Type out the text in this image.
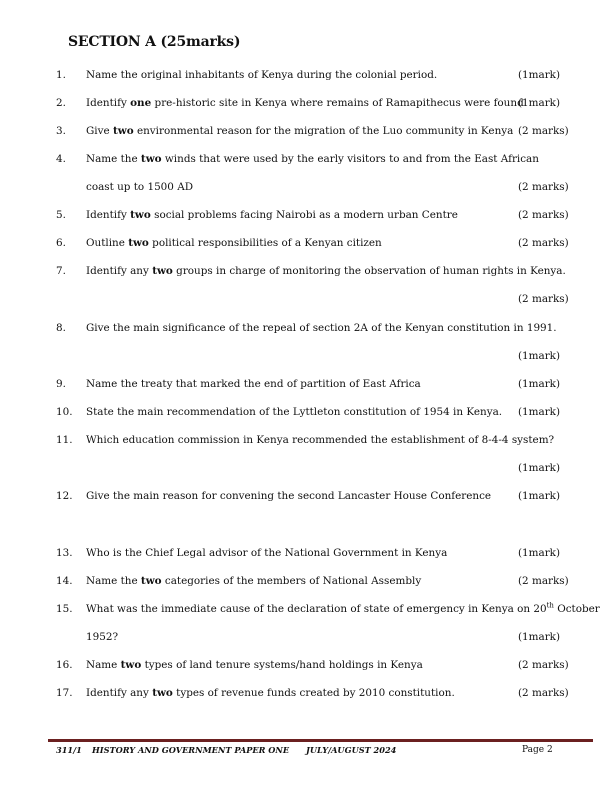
SECTION A (25marks)
1. Name the original inhabitants of Kenya during the colonial period.	(1mark)
2. Identify one pre-historic site in Kenya where remains of Ramapithecus were found
(1mark)
3. Give two environmental reason for the migration of the Luo community in Kenya (2 marks)
4. Name the two winds that were used by the early visitors to and from the East African
coast up to 1500 AD	(2 marks)
5. Identify two social problems facing Nairobi as a modern urban Centre	(2 marks)
6. Outline two political responsibilities of a Kenyan citizen	(2 marks)
7. Identify any two groups in charge of monitoring the observation of human rights in Kenya.
(2 marks)
8. Give the main significance of the repeal of section 2A of the Kenyan constitution in 1991.
(1mark)
9. Name the treaty that marked the end of partition of East Africa	(1mark)
10. State the main recommendation of the Lyttleton constitution of 1954 in Kenya. (1mark)
11. Which education commission in Kenya recommended the establishment of 8-4-4 system?
(1mark)
12. Give the main reason for convening the second Lancaster House Conference	(1mark)
13. Who is the Chief Legal advisor of the National Government in Kenya	(1mark)
14. Name the two categories of the members of National Assembly	(2 marks)
15. What was the immediate cause of the declaration of state of emergency in Kenya on 20th October
1952?	(1mark)
16. Name two types of land tenure systems/hand holdings in Kenya	(2 marks)
17. Identify any two types of revenue funds created by 2010 constitution.	(2 marks)
311/1 HISTORY AND GOVERNMENT PAPER ONE JULY/AUGUST 2024	Page 2
